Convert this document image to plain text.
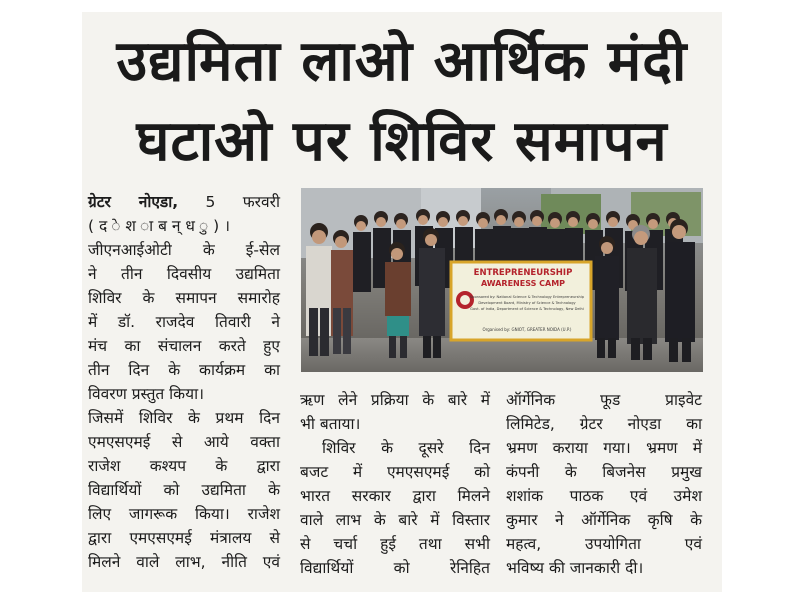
उद्यमिता लाओ आर्थिक मंदी
घटाओ पर शिविर समापन
ग्रेटर नोएडा, 5 फरवरी
( द े श ा ब न् ध ु ) ।
जीएनआईओटी के ई-सेल
ने तीन दिवसीय उद्यमिता
शिविर के समापन समारोह
में डॉ. राजदेव तिवारी ने
मंच का संचालन करते हुए
तीन दिन के कार्यक्रम का
विवरण प्रस्तुत किया।
जिसमें शिविर के प्रथम दिन
एमएसएमई से आये वक्ता
राजेश कश्यप के द्वारा
विद्यार्थियों को उद्यमिता के
लिए जागरूक किया। राजेश
द्वारा एमएसएमई मंत्रालय से
मिलने वाले लाभ, नीति एवं
ENTREPRENEURSHIP
AWARENESS CAMP
Sponsored by: National Science & Technology Entrepreneurship
Development Board, Ministry of Science & Technology
Govt. of India, Department of Science & Technology, New Delhi
Organised by: GNIOT, GREATER NOIDA (U.P.)
ऋण लेने प्रक्रिया के बारे में
भी बताया।
शिविर के दूसरे दिन
बजट में एमएसएमई को
भारत सरकार द्वारा मिलने
वाले लाभ के बारे में विस्तार
से चर्चा हुई तथा सभी
विद्यार्थियों को रेनिहित
ऑर्गेनिक फूड प्राइवेट
लिमिटेड, ग्रेटर नोएडा का
भ्रमण कराया गया। भ्रमण में
कंपनी के बिजनेस प्रमुख
शशांक पाठक एवं उमेश
कुमार ने ऑर्गेनिक कृषि के
महत्व, उपयोगिता एवं
भविष्य की जानकारी दी।
